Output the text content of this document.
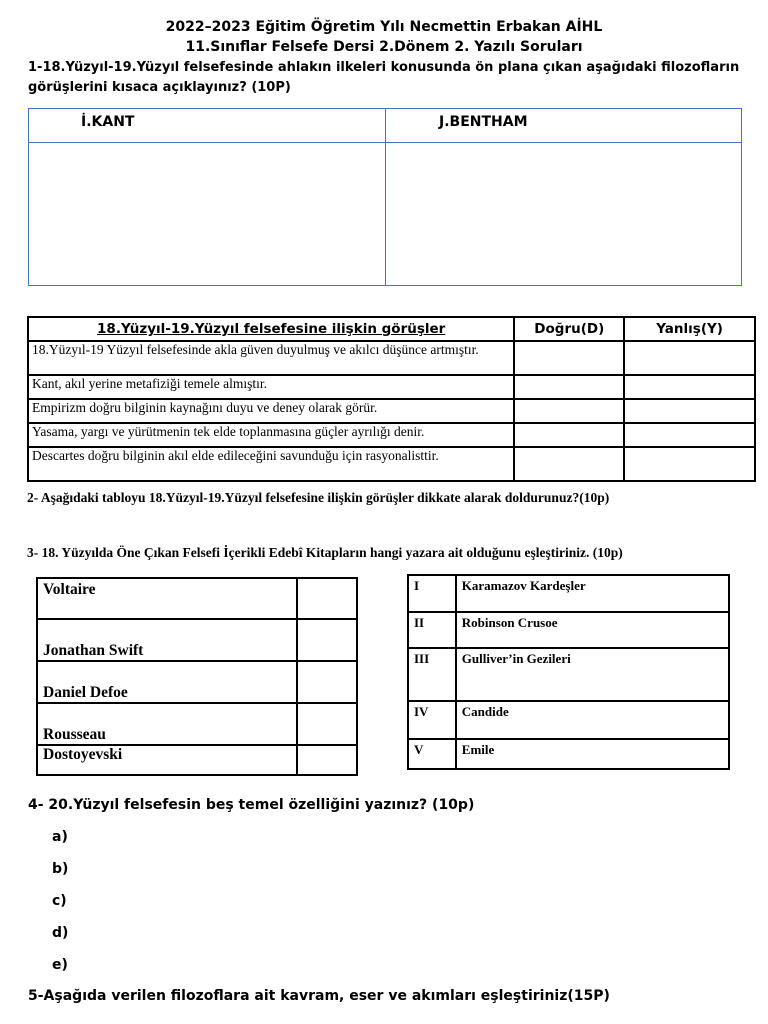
2022–2023 Eğitim Öğretim Yılı Necmettin Erbakan AİHL
11.Sınıflar Felsefe Dersi 2.Dönem 2. Yazılı Soruları
1-18.Yüzyıl-19.Yüzyıl felsefesinde ahlakın ilkeleri konusunda ön plana çıkan aşağıdaki filozofların
görüşlerini kısaca açıklayınız? (10P)
İ.KANT	J.BENTHAM
18.Yüzyıl-19.Yüzyıl felsefesine ilişkin görüşler	Doğru(D)	Yanlış(Y)
18.Yüzyıl-19 Yüzyıl felsefesinde akla güven duyulmuş ve akılcı düşünce artmıştır.		
Kant, akıl yerine metafiziği temele almıştır.		
Empirizm doğru bilginin kaynağını duyu ve deney olarak görür.		
Yasama, yargı ve yürütmenin tek elde toplanmasına güçler ayrılığı denir.		
Descartes doğru bilginin akıl elde edileceğini savunduğu için rasyonalisttir.		
2- Aşağıdaki tabloyu 18.Yüzyıl-19.Yüzyıl felsefesine ilişkin görüşler dikkate alarak doldurunuz?(10p)
3- 18. Yüzyılda Öne Çıkan Felsefi İçerikli Edebî Kitapların hangi yazara ait olduğunu eşleştiriniz. (10p)
Voltaire	
Jonathan Swift	
Daniel Defoe	
Rousseau	
Dostoyevski	
I	Karamazov Kardeşler
II	Robinson Crusoe
III	Gulliver’in Gezileri
IV	Candide
V	Emile
4- 20.Yüzyıl felsefesin beş temel özelliğini yazınız? (10p)
a)
b)
c)
d)
e)
5-Aşağıda verilen filozoflara ait kavram, eser ve akımları eşleştiriniz(15P)
